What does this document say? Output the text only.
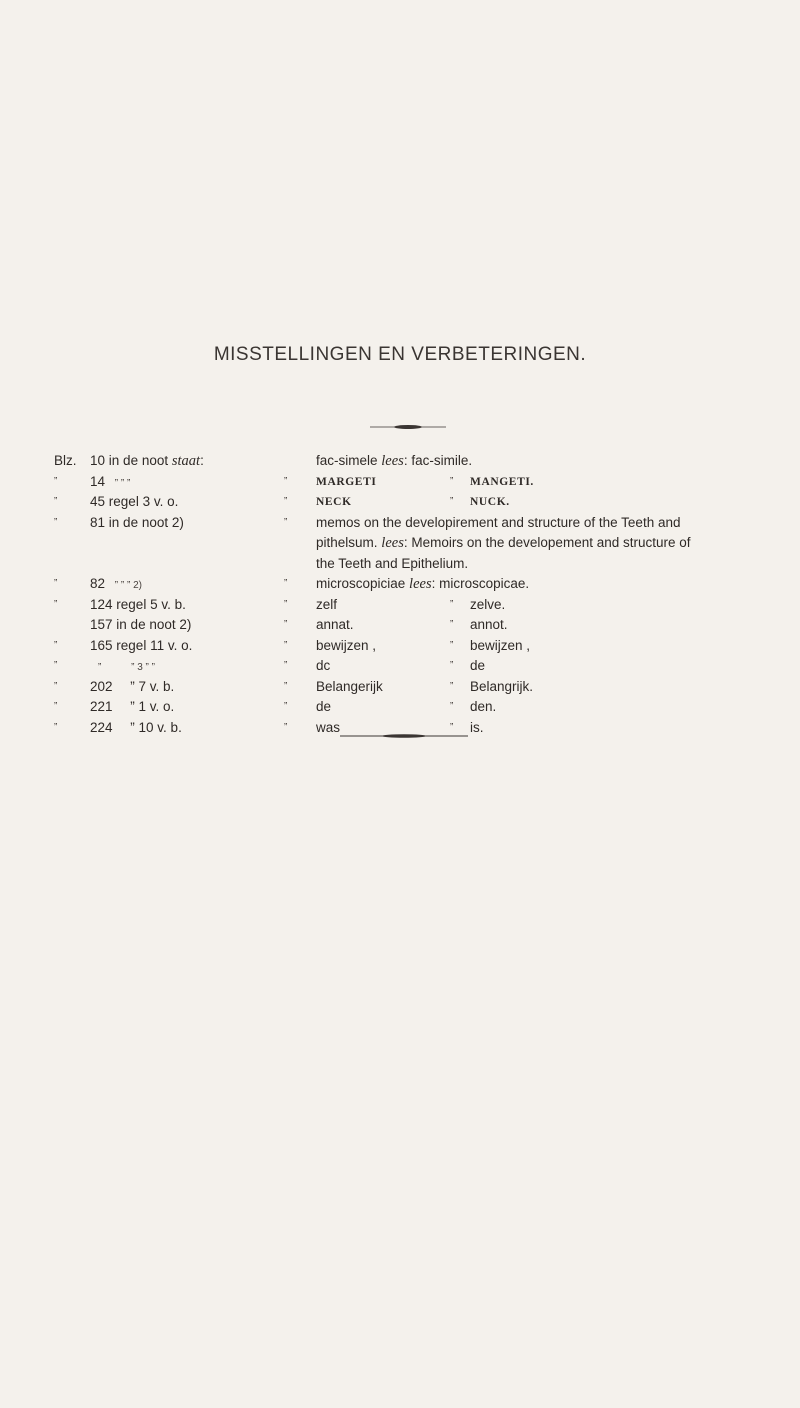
MISSTELLINGEN EN VERBETERINGEN.
Blz. 10 in de noot staat:	fac-simele lees: fac-simile.
”	14 ” ” ”	” MARGETI	” MANGETI.
”	45 regel 3 v. o.	” NECK	” NUCK.
”	81 in de noot 2)	” memos on the developirement and structure of the Teeth and
pithelsum. lees: Memoirs on the developement and structure of
the Teeth and Epithelium.
”	82 ” ” ” 2)	” microscopiciae lees: microscopicae.
”	124 regel 5 v. b.	” zelf	” zelve.
157 in de noot 2)	” annat.	” annot.
”	165 regel 11 v. o.	” bewijzen ,	” bewijzen ,
”	”	” 3 ” ”	” dc	” de
”	202 ” 7 v. b.	” Belangerijk	” Belangrijk.
”	221 ” 1 v. o.	” de	” den.
”	224 ” 10 v. b.	” was	” is.
